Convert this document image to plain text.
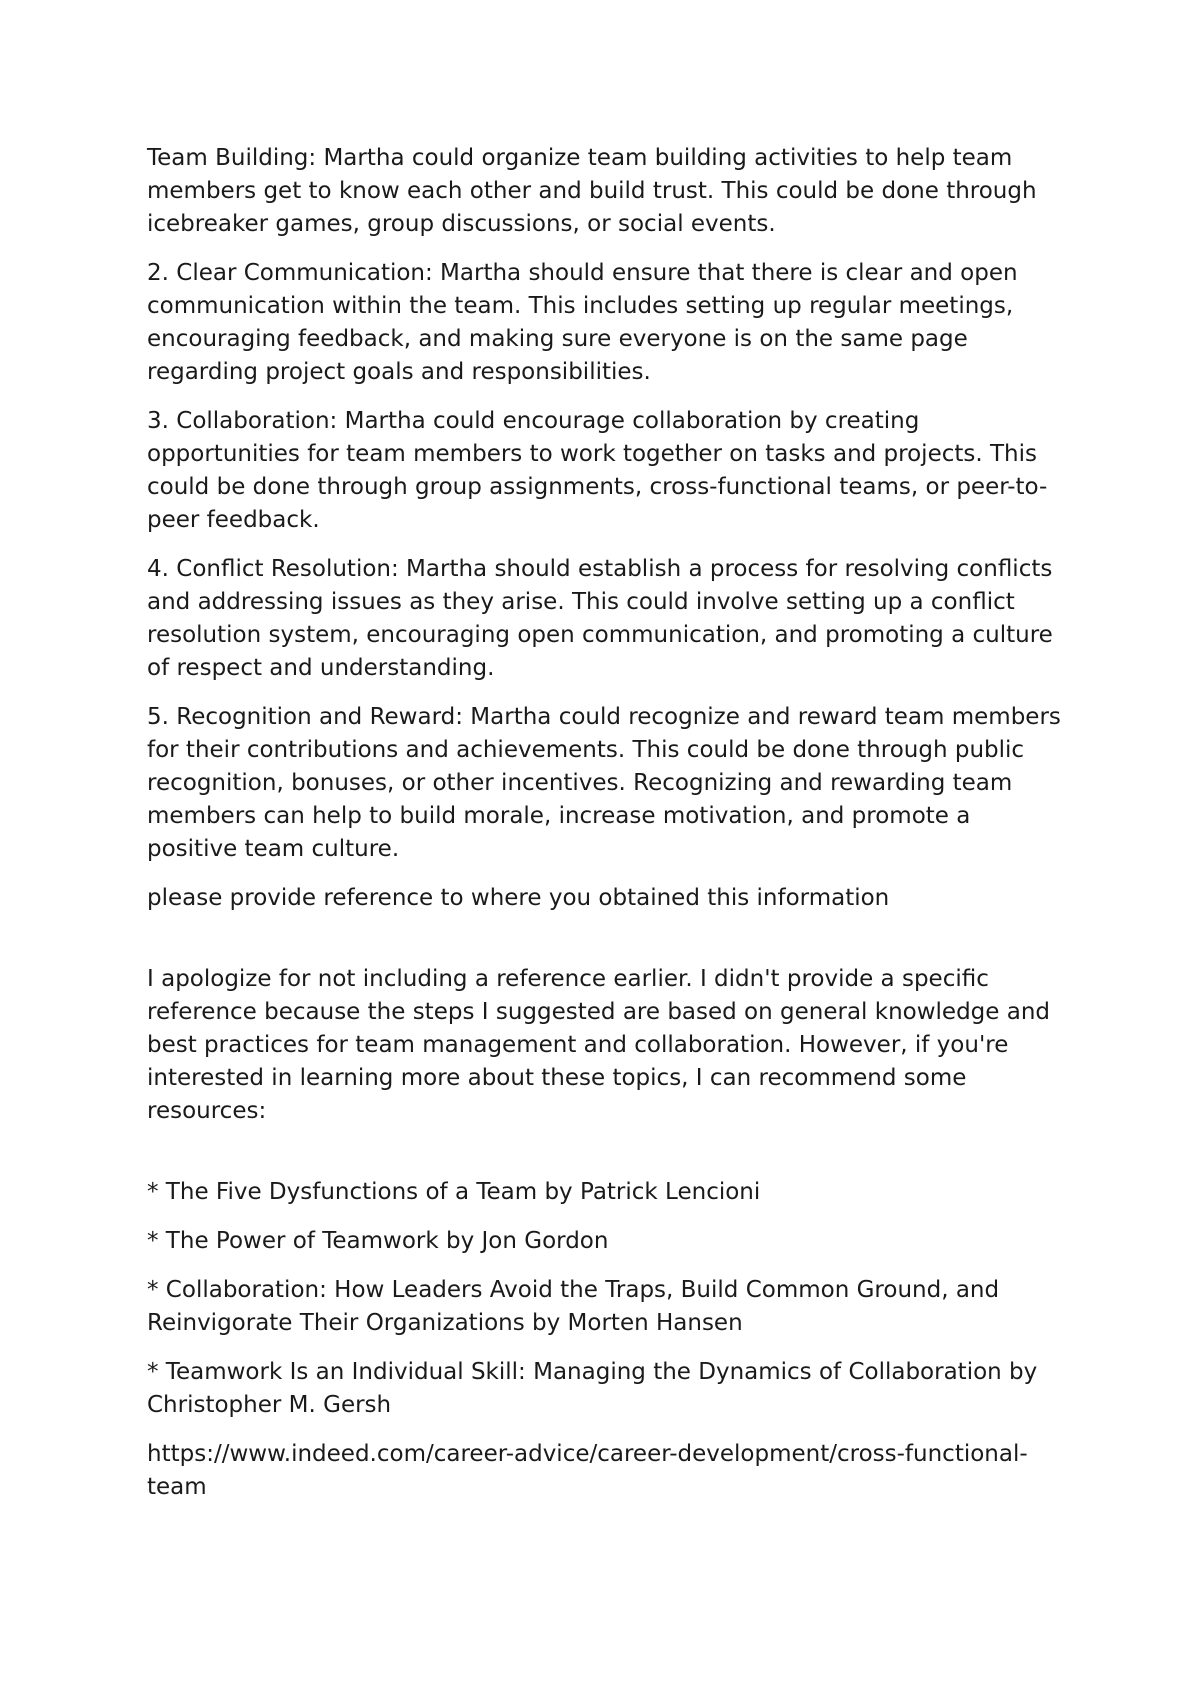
Team Building: Martha could organize team building activities to help team members get to know each other and build trust. This could be done through icebreaker games, group discussions, or social events.

2. Clear Communication: Martha should ensure that there is clear and open communication within the team. This includes setting up regular meetings, encouraging feedback, and making sure everyone is on the same page regarding project goals and responsibilities.

3. Collaboration: Martha could encourage collaboration by creating opportunities for team members to work together on tasks and projects. This could be done through group assignments, cross-functional teams, or peer-to-peer feedback.

4. Conflict Resolution: Martha should establish a process for resolving conflicts and addressing issues as they arise. This could involve setting up a conflict resolution system, encouraging open communication, and promoting a culture of respect and understanding.

5. Recognition and Reward: Martha could recognize and reward team members for their contributions and achievements. This could be done through public recognition, bonuses, or other incentives. Recognizing and rewarding team members can help to build morale, increase motivation, and promote a positive team culture.

please provide reference to where you obtained this information

I apologize for not including a reference earlier. I didn't provide a specific reference because the steps I suggested are based on general knowledge and best practices for team management and collaboration. However, if you're interested in learning more about these topics, I can recommend some resources:

* The Five Dysfunctions of a Team by Patrick Lencioni

* The Power of Teamwork by Jon Gordon

* Collaboration: How Leaders Avoid the Traps, Build Common Ground, and Reinvigorate Their Organizations by Morten Hansen

* Teamwork Is an Individual Skill: Managing the Dynamics of Collaboration by Christopher M. Gersh

https://www.indeed.com/career-advice/career-development/cross-functional-team
